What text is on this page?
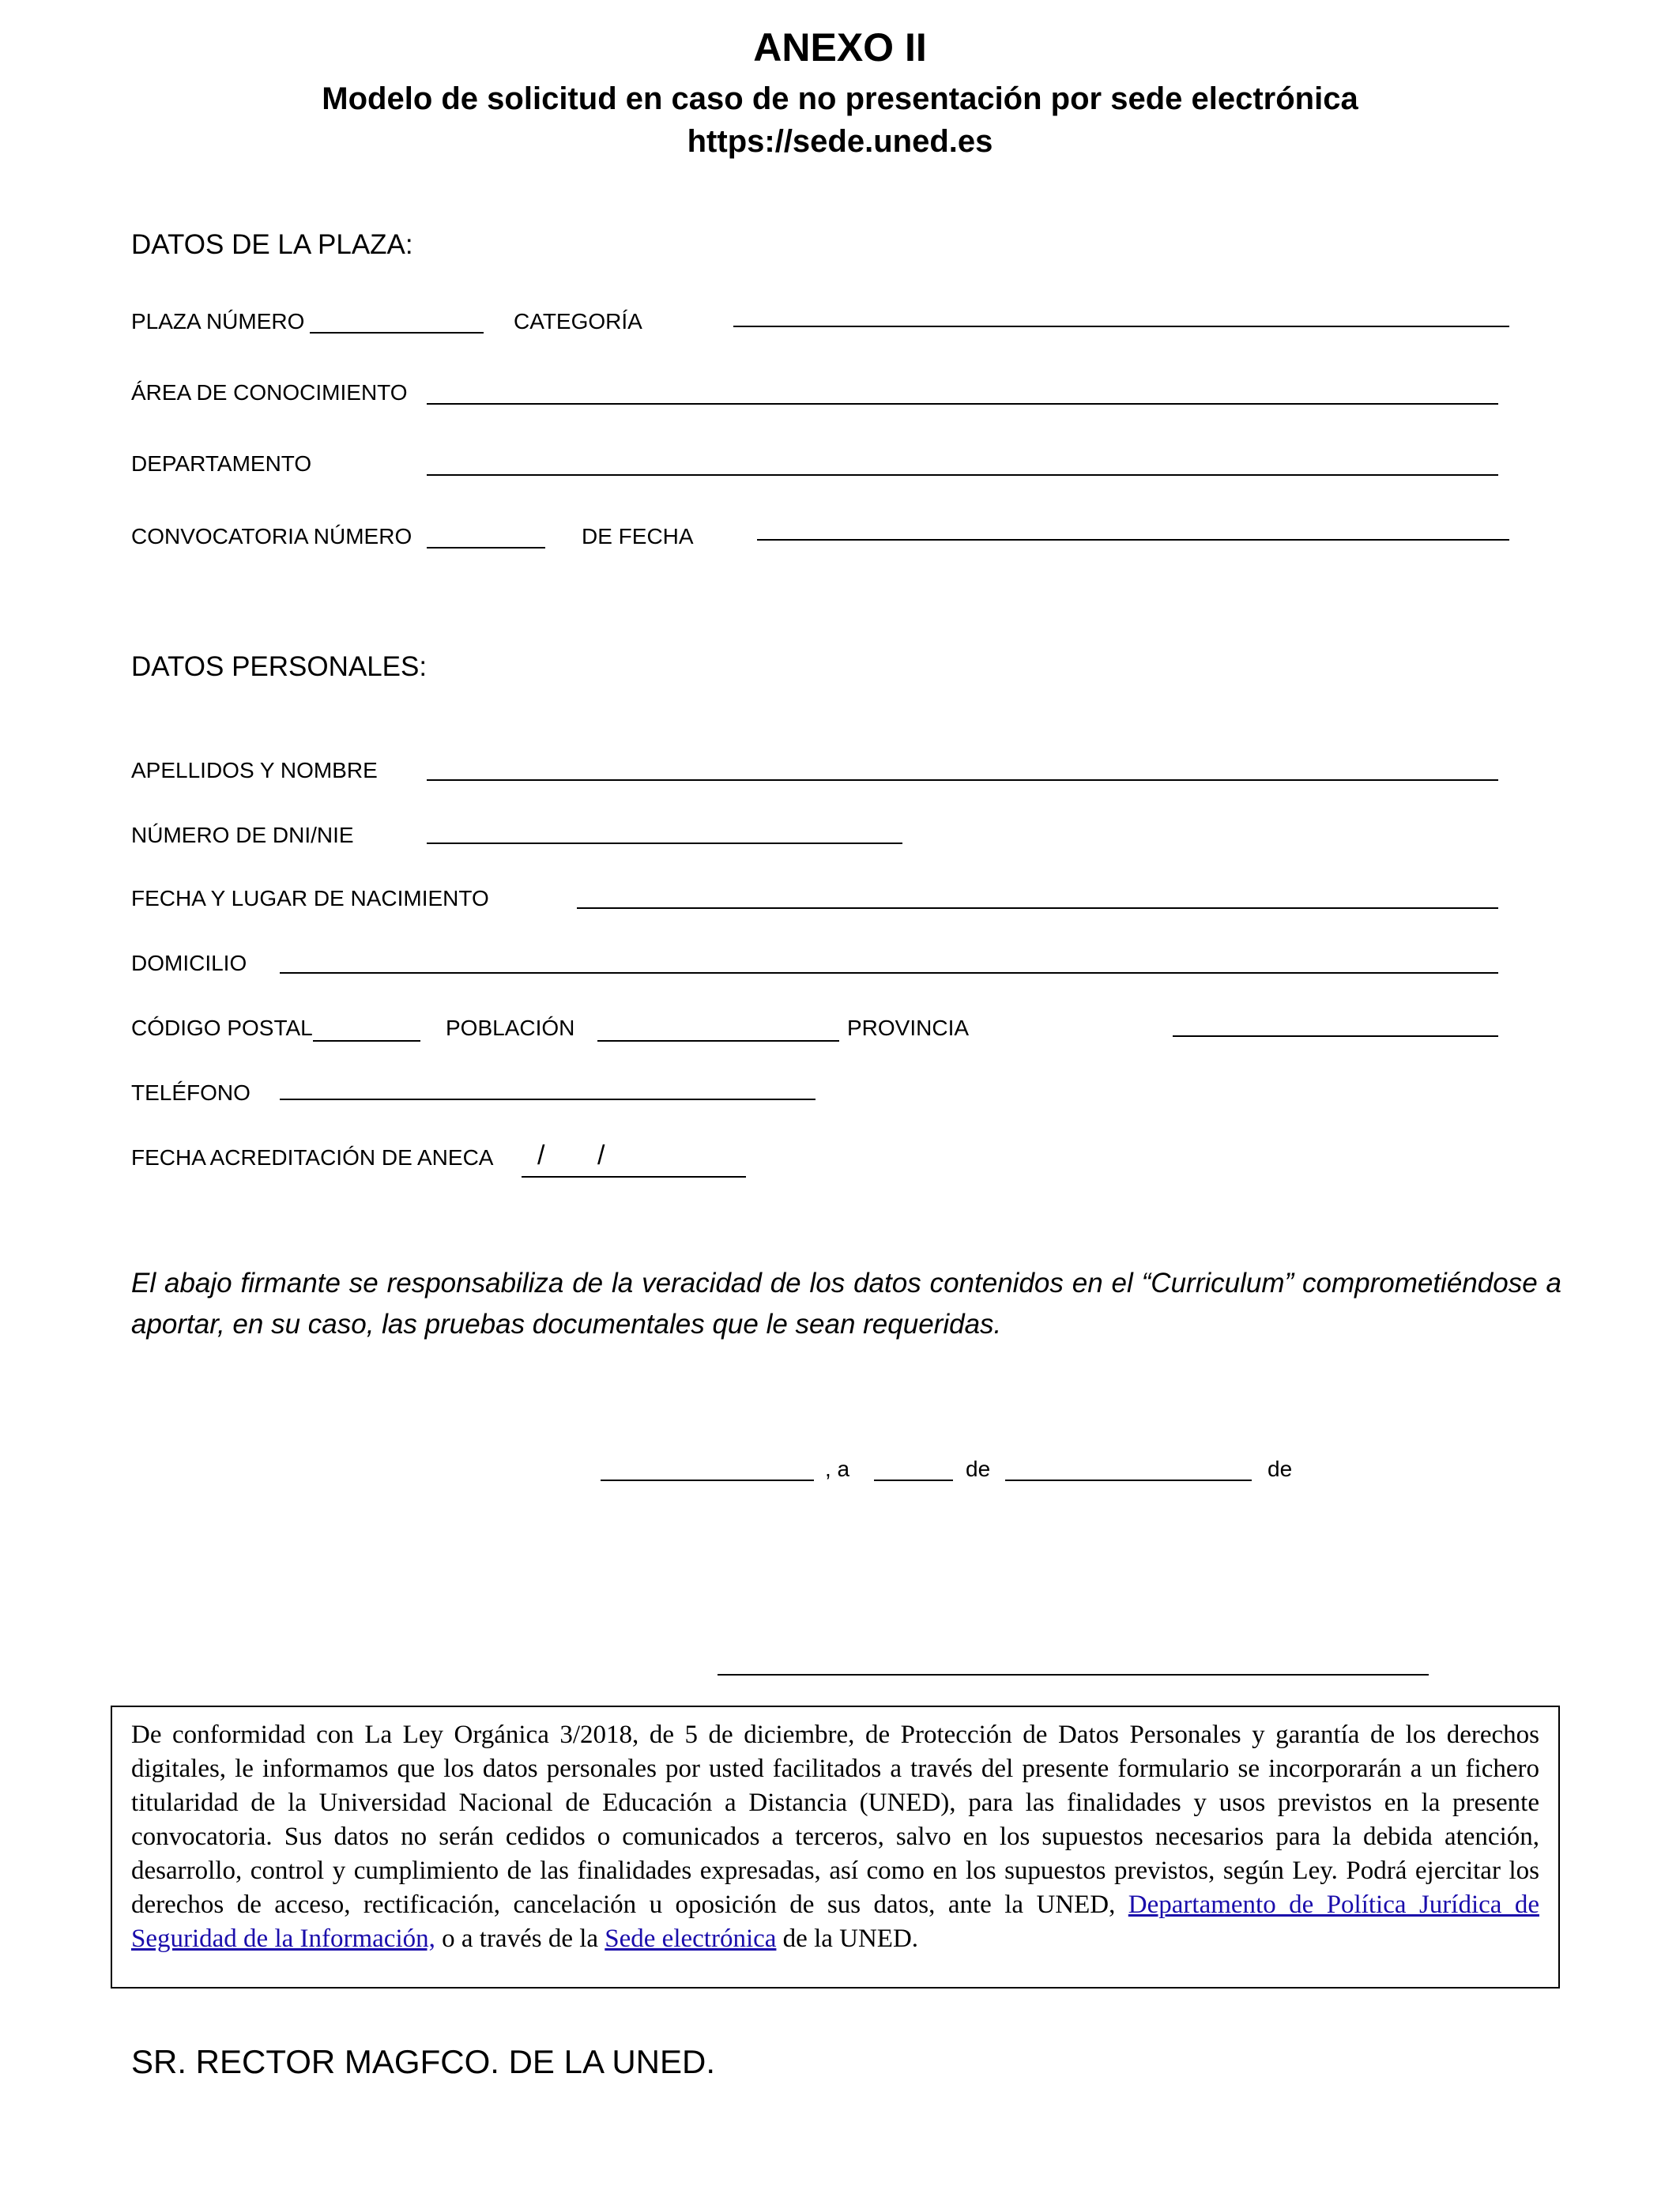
ANEXO II
Modelo de solicitud en caso de no presentación por sede electrónica
https://sede.uned.es
DATOS DE LA PLAZA:
PLAZA NÚMERO	CATEGORÍA
ÁREA DE CONOCIMIENTO
DEPARTAMENTO
CONVOCATORIA NÚMERO	DE FECHA
DATOS PERSONALES:
APELLIDOS Y NOMBRE
NÚMERO DE DNI/NIE
FECHA Y LUGAR DE NACIMIENTO
DOMICILIO
CÓDIGO POSTAL	POBLACIÓN	PROVINCIA
TELÉFONO
FECHA ACREDITACIÓN DE ANECA / /
El abajo firmante se responsabiliza de la veracidad de los datos contenidos en el “Curriculum” comprometiéndose a aportar, en su caso, las pruebas documentales que le sean requeridas.
, a	de	de
De conformidad con La Ley Orgánica 3/2018, de 5 de diciembre, de Protección de Datos Personales y garantía de los derechos digitales, le informamos que los datos personales por usted facilitados a través del presente formulario se incorporarán a un fichero titularidad de la Universidad Nacional de Educación a Distancia (UNED), para las finalidades y usos previstos en la presente convocatoria. Sus datos no serán cedidos o comunicados a terceros, salvo en los supuestos necesarios para la debida atención, desarrollo, control y cumplimiento de las finalidades expresadas, así como en los supuestos previstos, según Ley. Podrá ejercitar los derechos de acceso, rectificación, cancelación u oposición de sus datos, ante la UNED, Departamento de Política Jurídica de Seguridad de la Información, o a través de la Sede electrónica de la UNED.
SR. RECTOR MAGFCO. DE LA UNED.
